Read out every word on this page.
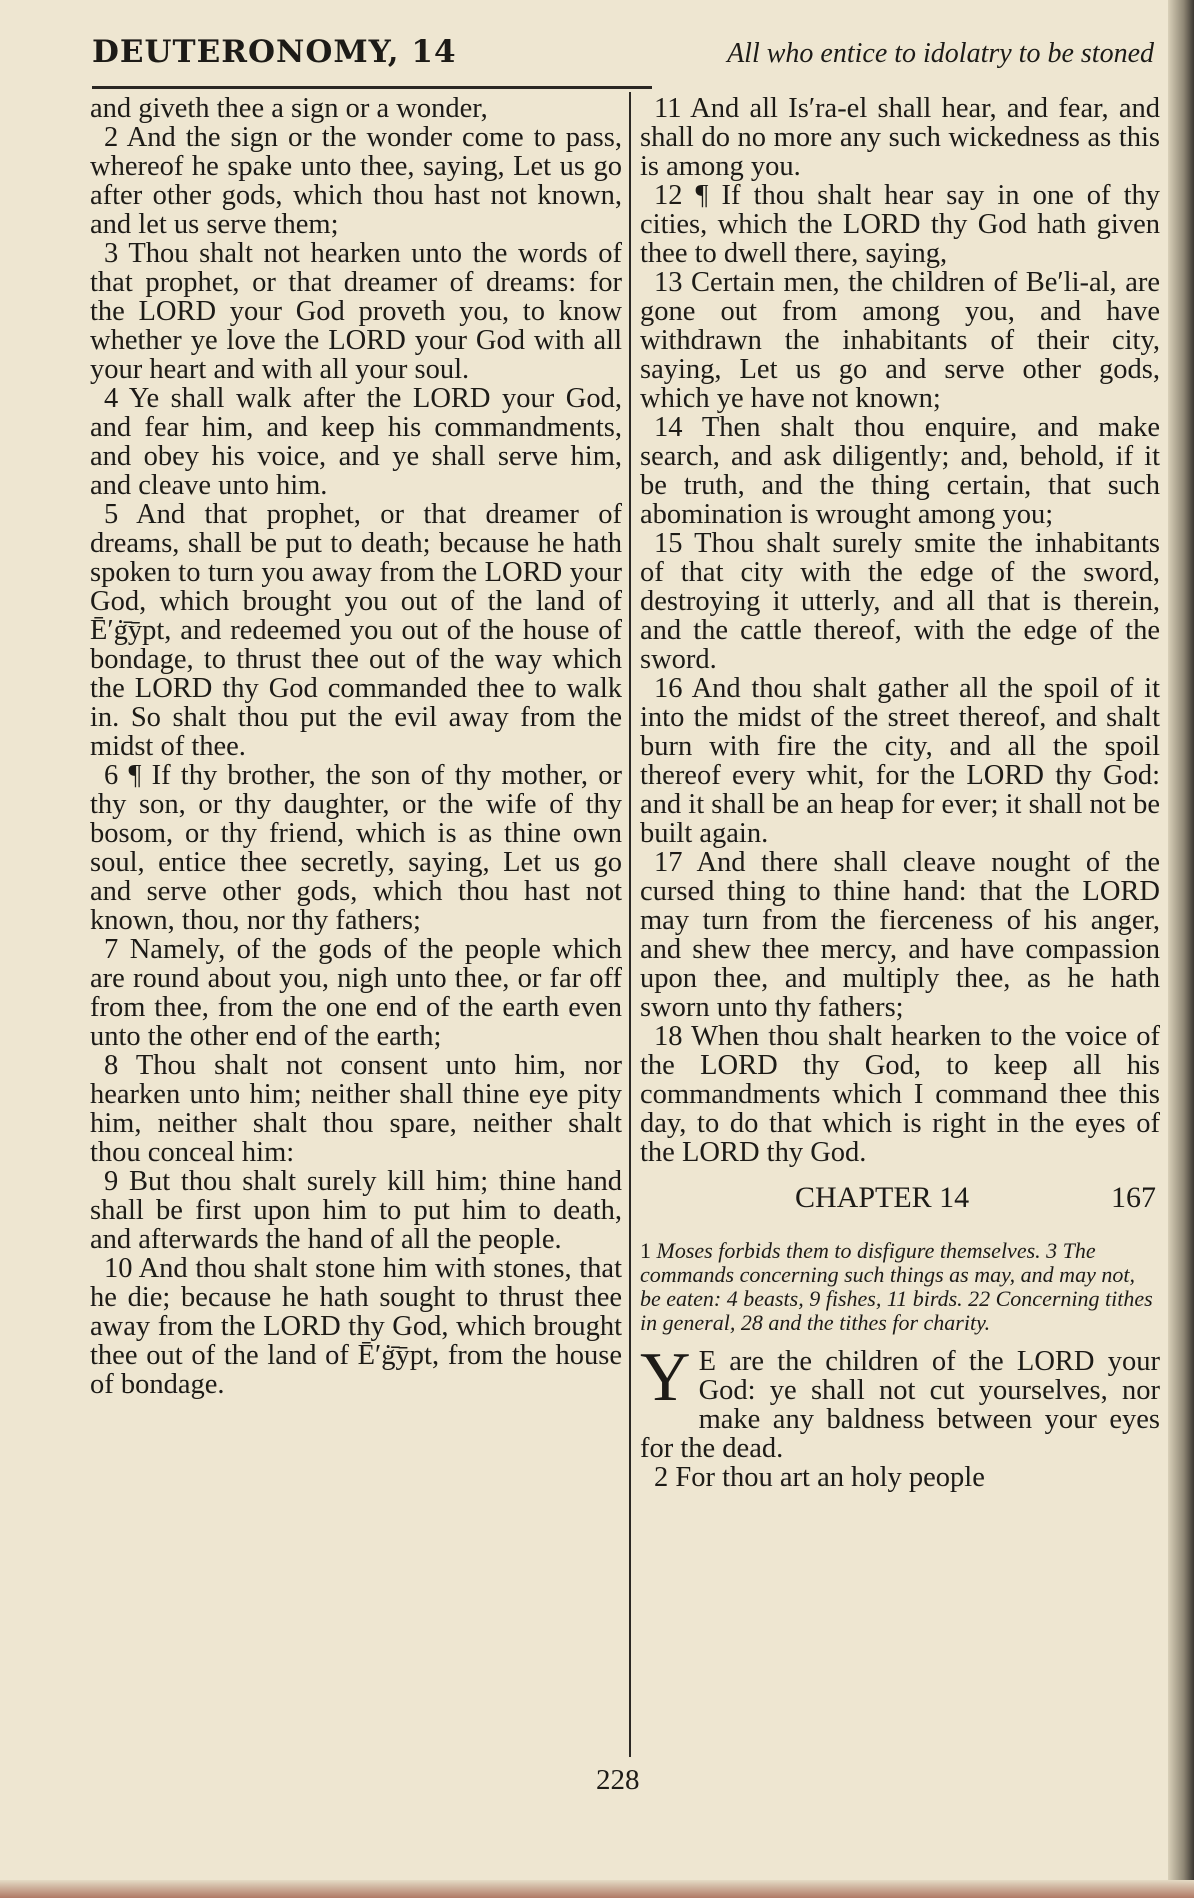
DEUTERONOMY, 14	All who entice to idolatry to be stoned

and giveth thee a sign or a wonder,

2 And the sign or the wonder come to pass, whereof he spake unto thee, saying, Let us go after other gods, which thou hast not known, and let us serve them;

3 Thou shalt not hearken unto the words of that prophet, or that dreamer of dreams: for the LORD your God proveth you, to know whether ye love the LORD your God with all your heart and with all your soul.

4 Ye shall walk after the LORD your God, and fear him, and keep his commandments, and obey his voice, and ye shall serve him, and cleave unto him.

5 And that prophet, or that dreamer of dreams, shall be put to death; because he hath spoken to turn you away from the LORD your God, which brought you out of the land of Ē′ġ̄ȳpt, and redeemed you out of the house of bondage, to thrust thee out of the way which the LORD thy God commanded thee to walk in. So shalt thou put the evil away from the midst of thee.

6 ¶ If thy brother, the son of thy mother, or thy son, or thy daughter, or the wife of thy bosom, or thy friend, which is as thine own soul, entice thee secretly, saying, Let us go and serve other gods, which thou hast not known, thou, nor thy fathers;

7 Namely, of the gods of the people which are round about you, nigh unto thee, or far off from thee, from the one end of the earth even unto the other end of the earth;

8 Thou shalt not consent unto him, nor hearken unto him; neither shall thine eye pity him, neither shalt thou spare, neither shalt thou conceal him:

9 But thou shalt surely kill him; thine hand shall be first upon him to put him to death, and afterwards the hand of all the people.

10 And thou shalt stone him with stones, that he die; because he hath sought to thrust thee away from the LORD thy God, which brought thee out of the land of Ē′ġ̄ȳpt, from the house of bondage.

11 And all Is′ra-el shall hear, and fear, and shall do no more any such wickedness as this is among you.

12 ¶ If thou shalt hear say in one of thy cities, which the LORD thy God hath given thee to dwell there, saying,

13 Certain men, the children of Be′li-al, are gone out from among you, and have withdrawn the inhabitants of their city, saying, Let us go and serve other gods, which ye have not known;

14 Then shalt thou enquire, and make search, and ask diligently; and, behold, if it be truth, and the thing certain, that such abomination is wrought among you;

15 Thou shalt surely smite the inhabitants of that city with the edge of the sword, destroying it utterly, and all that is therein, and the cattle thereof, with the edge of the sword.

16 And thou shalt gather all the spoil of it into the midst of the street thereof, and shalt burn with fire the city, and all the spoil thereof every whit, for the LORD thy God: and it shall be an heap for ever; it shall not be built again.

17 And there shall cleave nought of the cursed thing to thine hand: that the LORD may turn from the fierceness of his anger, and shew thee mercy, and have compassion upon thee, and multiply thee, as he hath sworn unto thy fathers;

18 When thou shalt hearken to the voice of the LORD thy God, to keep all his commandments which I command thee this day, to do that which is right in the eyes of the LORD thy God.

CHAPTER 14	167
1 Moses forbids them to disfigure themselves. 3 The commands concerning such things as may, and may not, be eaten: 4 beasts, 9 fishes, 11 birds. 22 Concerning tithes in general, 28 and the tithes for charity.

Y E are the children of the LORD your God: ye shall not cut yourselves, nor make any baldness between your eyes for the dead.

2 For thou art an holy people

228
